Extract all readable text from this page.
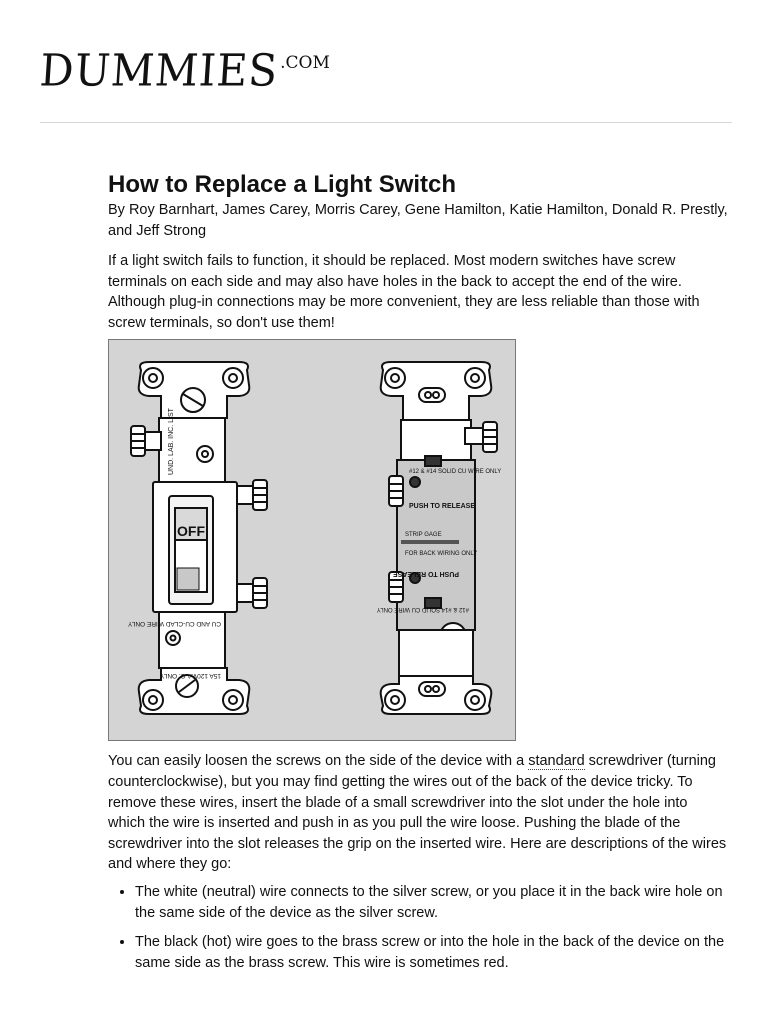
DUMMIES .COM
How to Replace a Light Switch

By Roy Barnhart, James Carey, Morris Carey, Gene Hamilton, Katie Hamilton, Donald R. Prestly, and Jeff Strong

If a light switch fails to function, it should be replaced. Most modern switches have screw terminals on each side and may also have holes in the back to accept the end of the wire. Although plug-in connections may be more convenient, they are less reliable than those with screw terminals, so don't use them!

UND. LAB. INC. LIST
OFF
CU AND CU-CLAD WIRE ONLY
15A 120V.A.C. ONLY
#12 & #14 SOLID CU WIRE ONLY
PUSH TO RELEASE
STRIP GAGE
FOR BACK WIRING ONLY
PUSH TO RELEASE
#12 & #14 SOLID CU WIRE ONLY

You can easily loosen the screws on the side of the device with a standard screwdriver (turning counterclockwise), but you may find getting the wires out of the back of the device tricky. To remove these wires, insert the blade of a small screwdriver into the slot under the hole into which the wire is inserted and push in as you pull the wire loose. Pushing the blade of the screwdriver into the slot releases the grip on the inserted wire. Here are descriptions of the wires and where they go:

• The white (neutral) wire connects to the silver screw, or you place it in the back wire hole on the same side of the device as the silver screw.
• The black (hot) wire goes to the brass screw or into the hole in the back of the device on the same side as the brass screw. This wire is sometimes red.
